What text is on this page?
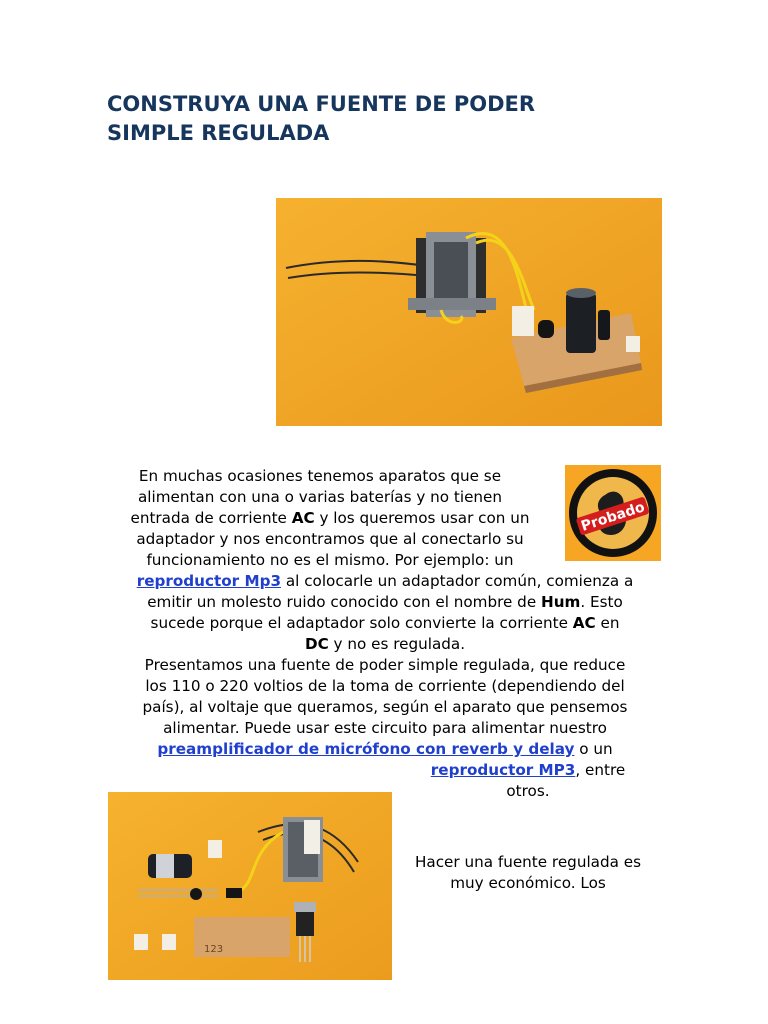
CONSTRUYA UNA FUENTE DE PODER SIMPLE REGULADA
Probado

En muchas ocasiones tenemos aparatos que se

alimentan con una o varias baterías y no tienen

entrada de corriente AC y los queremos usar con un

adaptador y nos encontramos que al conectarlo su

funcionamiento no es el mismo. Por ejemplo: un

reproductor Mp3 al colocarle un adaptador común, comienza a

emitir un molesto ruido conocido con el nombre de Hum. Esto

sucede porque el adaptador solo convierte la corriente AC en

DC y no es regulada.

Presentamos una fuente de poder simple regulada, que reduce

los 110 o 220 voltios de la toma de corriente (dependiendo del

país), al voltaje que queramos, según el aparato que pensemos

alimentar. Puede usar este circuito para alimentar nuestro

preamplificador de micrófono con reverb y delay o un

reproductor MP3, entre

otros.

123

Hacer una fuente regulada es muy económico. Los
